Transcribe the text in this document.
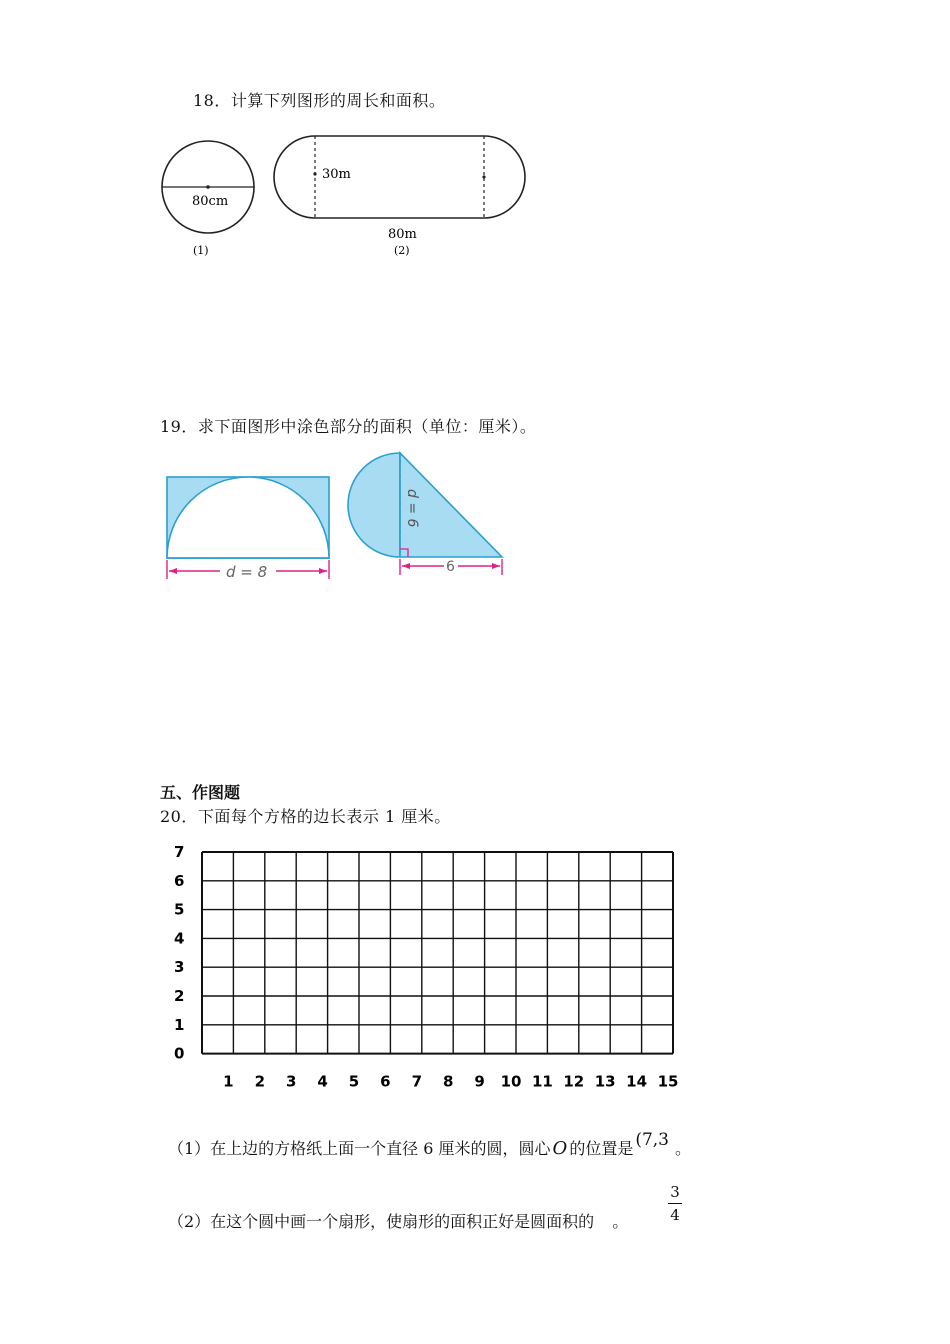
18．计算下列图形的周长和面积。
80cm
(1)
30m
80m
(2)
19．求下面图形中涂色部分的面积（单位：厘米）。
d = 8
d = 6
6
五、作图题
20．下面每个方格的边长表示 1 厘米。
7
6
5
4
3
2
1
0
1 2 3 4 5 6 7 8 9 10 11 12 13 14 15
（1）在上边的方格纸上面一个直径 6 厘米的圆，圆心 O 的位置是 (7,3 。
（2）在这个圆中画一个扇形，使扇形的面积正好是圆面积的 。
3
4
